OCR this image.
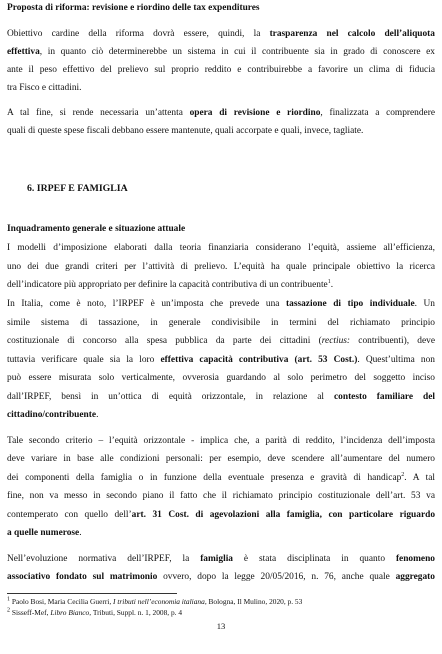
Proposta di riforma: revisione e riordino delle tax expenditures
Obiettivo cardine della riforma dovrà essere, quindi, la trasparenza nel calcolo dell’aliquota
effettiva, in quanto ciò determinerebbe un sistema in cui il contribuente sia in grado di conoscere ex
ante il peso effettivo del prelievo sul proprio reddito e contribuirebbe a favorire un clima di fiducia
tra Fisco e cittadini.
A tal fine, si rende necessaria un’attenta opera di revisione e riordino, finalizzata a comprendere
quali di queste spese fiscali debbano essere mantenute, quali accorpate e quali, invece, tagliate.
6. IRPEF E FAMIGLIA
Inquadramento generale e situazione attuale
I modelli d’imposizione elaborati dalla teoria finanziaria considerano l’equità, assieme all’efficienza,
uno dei due grandi criteri per l’attività di prelievo. L’equità ha quale principale obiettivo la ricerca
dell’indicatore più appropriato per definire la capacità contributiva di un contribuente$^1$.
In Italia, come è noto, l’IRPEF è un’imposta che prevede una tassazione di tipo individuale. Un
simile sistema di tassazione, in generale condivisibile in termini del richiamato principio
costituzionale di concorso alla spesa pubblica da parte dei cittadini (rectius: contribuenti), deve
tuttavia verificare quale sia la loro effettiva capacità contributiva (art. 53 Cost.). Quest’ultima non
può essere misurata solo verticalmente, ovverosia guardando al solo perimetro del soggetto inciso
dall’IRPEF, bensì in un’ottica di equità orizzontale, in relazione al contesto familiare del
cittadino/contribuente.
Tale secondo criterio – l’equità orizzontale - implica che, a parità di reddito, l’incidenza dell’imposta
deve variare in base alle condizioni personali: per esempio, deve scendere all’aumentare del numero
dei componenti della famiglia o in funzione della eventuale presenza e gravità di handicap$^2$. A tal
fine, non va messo in secondo piano il fatto che il richiamato principio costituzionale dell’art. 53 va
contemperato con quello dell’art. 31 Cost. di agevolazioni alla famiglia, con particolare riguardo
a quelle numerose.
Nell’evoluzione normativa dell’IRPEF, la famiglia è stata disciplinata in quanto fenomeno
associativo fondato sul matrimonio ovvero, dopo la legge 20/05/2016, n. 76, anche quale aggregato
$^1$ Paolo Bosi, Maria Cecilia Guerri, I tributi nell’economia italiana, Bologna, Il Mulino, 2020, p. 53
$^2$ Sisseff-Mef, Libro Bianco, Tributi, Suppl. n. 1, 2008, p. 4
13
